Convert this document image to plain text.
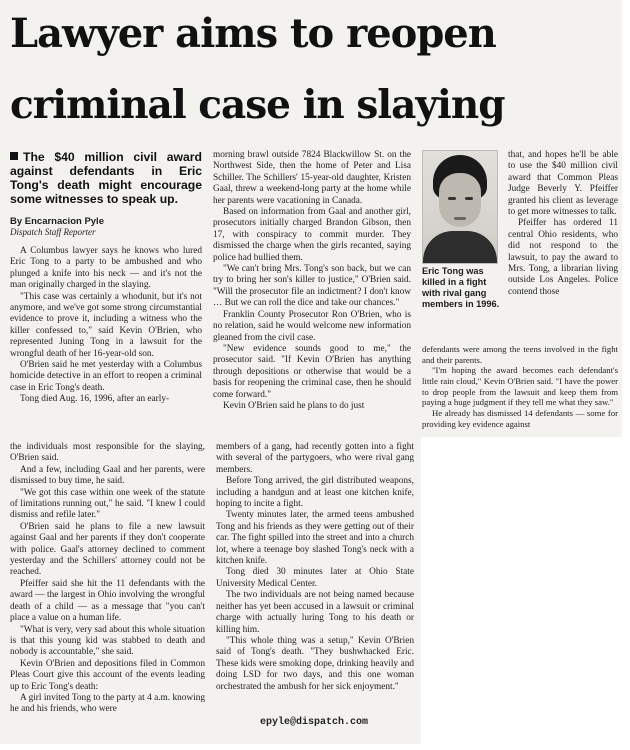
Lawyer aims to reopen
criminal case in slaying
The $40 million civil award against defendants in Eric Tong's death might encourage some witnesses to speak up.
By Encarnacion Pyle
Dispatch Staff Reporter

A Columbus lawyer says he knows who lured Eric Tong to a party to be ambushed and who plunged a knife into his neck — and it's not the man originally charged in the slaying.

"This case was certainly a whodunit, but it's not anymore, and we've got some strong circumstantial evidence to prove it, including a witness who the killer confessed to," said Kevin O'Brien, who represented Juning Tong in a lawsuit for the wrongful death of her 16-year-old son.

O'Brien said he met yesterday with a Columbus homicide detective in an effort to reopen a criminal case in Eric Tong's death.

Tong died Aug. 16, 1996, after an early-

morning brawl outside 7824 Blackwillow St. on the Northwest Side, then the home of Peter and Lisa Schiller. The Schillers' 15-year-old daughter, Kristen Gaal, threw a weekend-long party at the home while her parents were vacationing in Canada.

Based on information from Gaal and another girl, prosecutors initially charged Brandon Gibson, then 17, with conspiracy to commit murder. They dismissed the charge when the girls recanted, saying police had bullied them.

"We can't bring Mrs. Tong's son back, but we can try to bring her son's killer to justice," O'Brien said. "Will the prosecutor file an indictment? I don't know … But we can roll the dice and take our chances."

Franklin County Prosecutor Ron O'Brien, who is no relation, said he would welcome new information gleaned from the civil case.

"New evidence sounds good to me," the prosecutor said. "If Kevin O'Brien has anything through depositions or otherwise that would be a basis for reopening the criminal case, then he should come forward."

Kevin O'Brien said he plans to do just

Eric Tong was killed in a fight with rival gang members in 1996.

that, and hopes he'll be able to use the $40 million civil award that Common Pleas Judge Beverly Y. Pfeiffer granted his client as leverage to get more witnesses to talk.

Pfeiffer has ordered 11 central Ohio residents, who did not respond to the lawsuit, to pay the award to Mrs. Tong, a librarian living outside Los Angeles. Police contend those

defendants were among the teens involved in the fight and their parents.

"I'm hoping the award becomes each defendant's little rain cloud," Kevin O'Brien said. "I have the power to drop people from the lawsuit and keep them from paying a huge judgment if they tell me what they saw."

He already has dismissed 14 defendants — some for providing key evidence against

the individuals most responsible for the slaying, O'Brien said.

And a few, including Gaal and her parents, were dismissed to buy time, he said.

"We got this case within one week of the statute of limitations running out," he said. "I knew I could dismiss and refile later."

O'Brien said he plans to file a new lawsuit against Gaal and her parents if they don't cooperate with police. Gaal's attorney declined to comment yesterday and the Schillers' attorney could not be reached.

Pfeiffer said she hit the 11 defendants with the award — the largest in Ohio involving the wrongful death of a child — as a message that "you can't place a value on a human life.

"What is very, very sad about this whole situation is that this young kid was stabbed to death and nobody is accountable," she said.

Kevin O'Brien and depositions filed in Common Pleas Court give this account of the events leading up to Eric Tong's death:

A girl invited Tong to the party at 4 a.m. knowing he and his friends, who were

members of a gang, had recently gotten into a fight with several of the partygoers, who were rival gang members.

Before Tong arrived, the girl distributed weapons, including a handgun and at least one kitchen knife, hoping to incite a fight.

Twenty minutes later, the armed teens ambushed Tong and his friends as they were getting out of their car. The fight spilled into the street and into a church lot, where a teenage boy slashed Tong's neck with a kitchen knife.

Tong died 30 minutes later at Ohio State University Medical Center.

The two individuals are not being named because neither has yet been accused in a lawsuit or criminal charge with actually luring Tong to his death or killing him.

"This whole thing was a setup," Kevin O'Brien said of Tong's death. "They bushwhacked Eric. These kids were smoking dope, drinking heavily and doing LSD for two days, and this one woman orchestrated the ambush for her sick enjoyment."

epyle@dispatch.com
